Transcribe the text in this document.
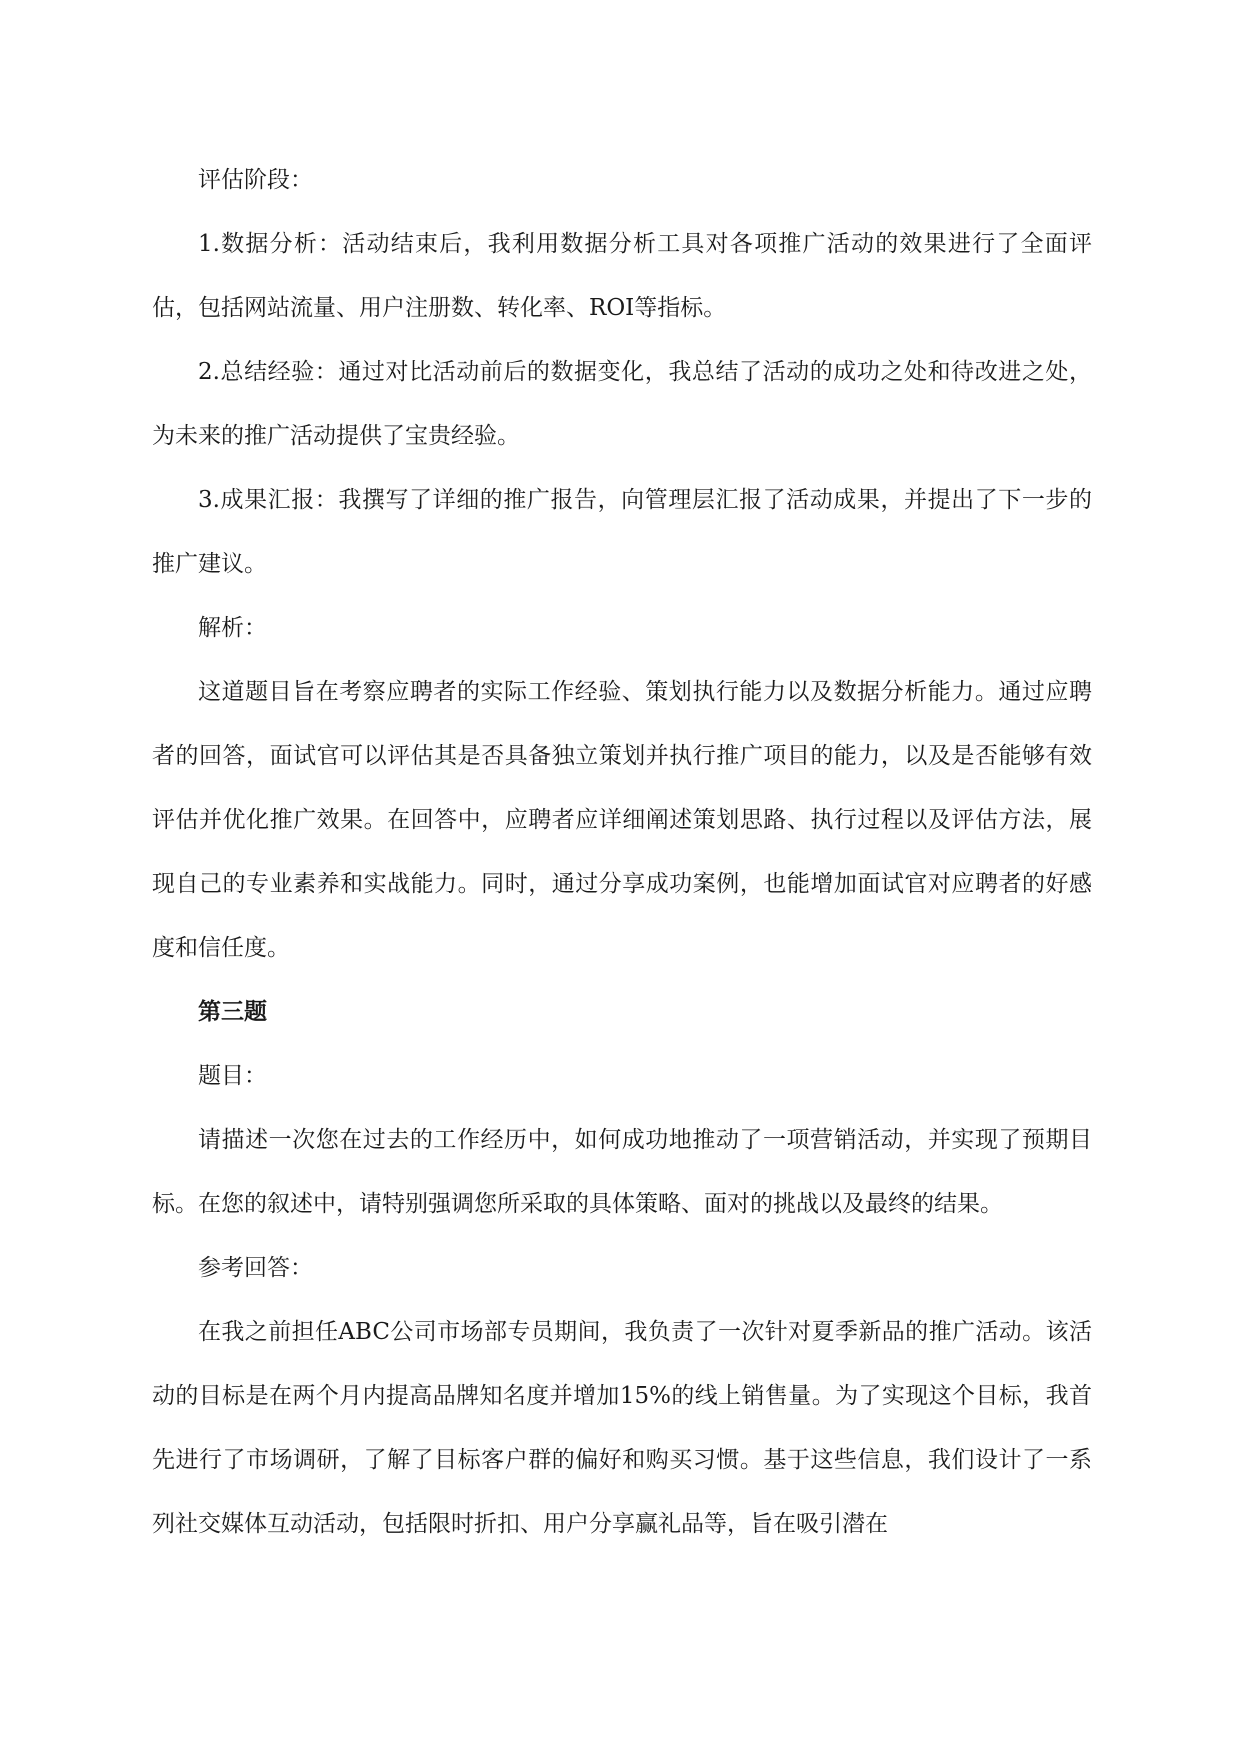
评估阶段：

1.数据分析：活动结束后，我利用数据分析工具对各项推广活动的效果进行了全面评估，包括网站流量、用户注册数、转化率、ROI等指标。

2.总结经验：通过对比活动前后的数据变化，我总结了活动的成功之处和待改进之处，为未来的推广活动提供了宝贵经验。

3.成果汇报：我撰写了详细的推广报告，向管理层汇报了活动成果，并提出了下一步的推广建议。

解析：

这道题目旨在考察应聘者的实际工作经验、策划执行能力以及数据分析能力。通过应聘者的回答，面试官可以评估其是否具备独立策划并执行推广项目的能力，以及是否能够有效评估并优化推广效果。在回答中，应聘者应详细阐述策划思路、执行过程以及评估方法，展现自己的专业素养和实战能力。同时，通过分享成功案例，也能增加面试官对应聘者的好感度和信任度。

第三题

题目：

请描述一次您在过去的工作经历中，如何成功地推动了一项营销活动，并实现了预期目标。在您的叙述中，请特别强调您所采取的具体策略、面对的挑战以及最终的结果。

参考回答：

在我之前担任ABC公司市场部专员期间，我负责了一次针对夏季新品的推广活动。该活动的目标是在两个月内提高品牌知名度并增加15%的线上销售量。为了实现这个目标，我首先进行了市场调研，了解了目标客户群的偏好和购买习惯。基于这些信息，我们设计了一系列社交媒体互动活动，包括限时折扣、用户分享赢礼品等，旨在吸引潜在
